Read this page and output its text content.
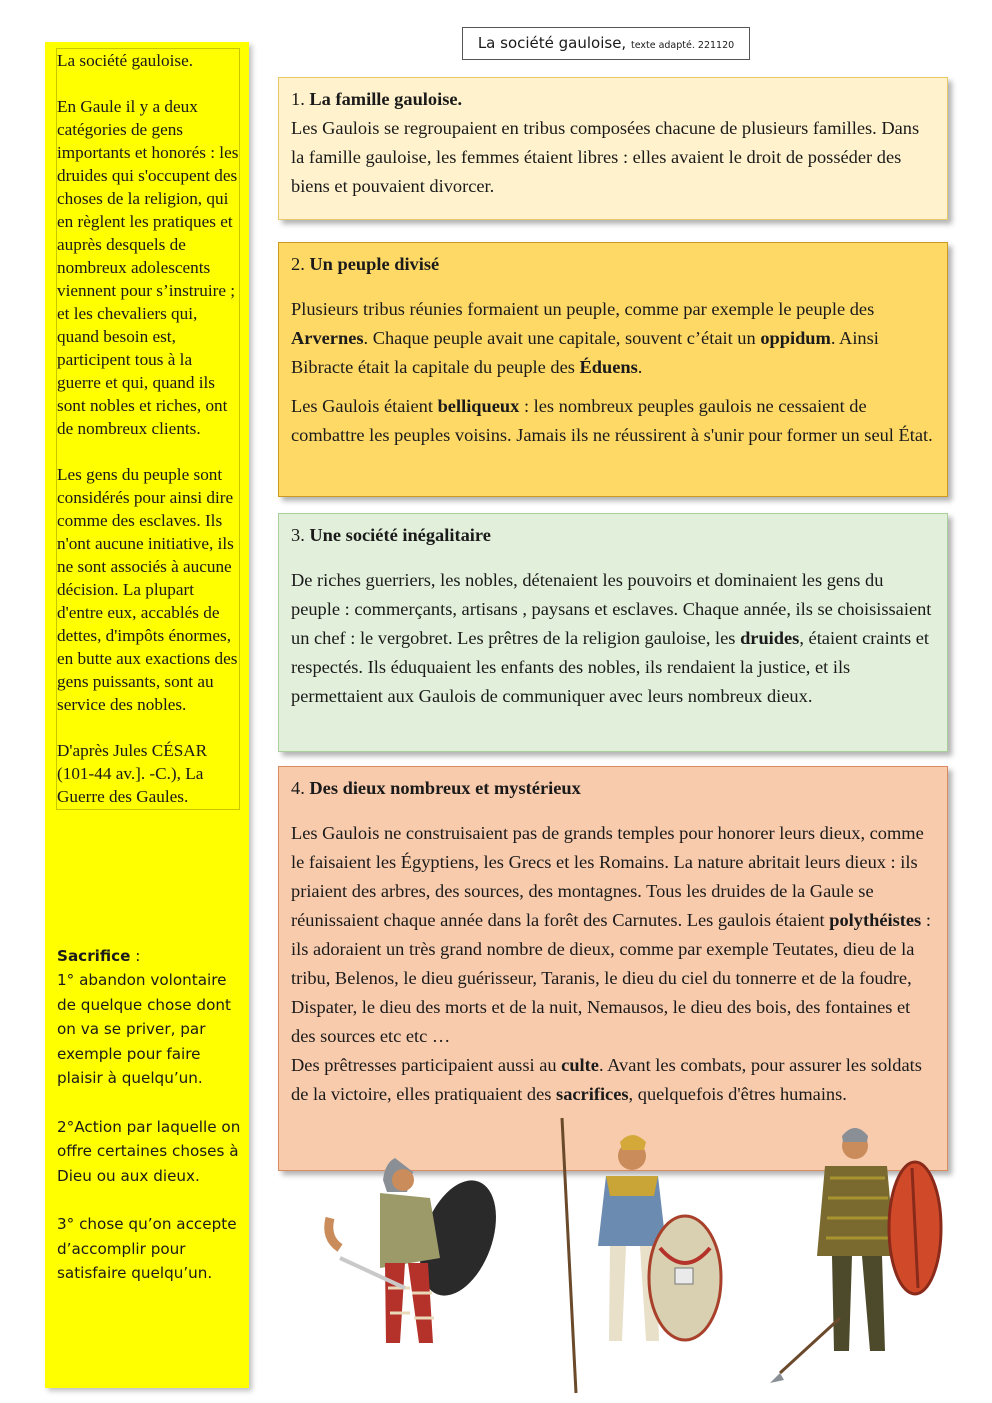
La société gauloise.

En Gaule il y a deux catégories de gens importants et honorés : les druides qui s'occupent des choses de la religion, qui en règlent les pratiques et auprès desquels de nombreux adolescents viennent pour s’instruire ; et les chevaliers qui, quand besoin est, participent tous à la guerre et qui, quand ils sont nobles et riches, ont de nombreux clients.

Les gens du peuple sont considérés pour ainsi dire comme des esclaves. Ils n'ont aucune initiative, ils ne sont associés à aucune décision. La plupart d'entre eux, accablés de dettes, d'impôts énormes, en butte aux exactions des gens puissants, sont au service des nobles.

D'après Jules CÉSAR (101-44 av.]. -C.), La Guerre des Gaules.

Sacrifice :
1° abandon volontaire de quelque chose dont on va se priver, par exemple pour faire plaisir à quelqu’un.

2°Action par laquelle on offre certaines choses à Dieu ou aux dieux.

3° chose qu’on accepte d’accomplir pour satisfaire quelqu’un.

La société gauloise, texte adapté. 221120
1. La famille gauloise.

Les Gaulois se regroupaient en tribus composées chacune de plusieurs familles. Dans la famille gauloise, les femmes étaient libres : elles avaient le droit de posséder des biens et pouvaient divorcer.

2. Un peuple divisé

Plusieurs tribus réunies formaient un peuple, comme par exemple le peuple des Arvernes. Chaque peuple avait une capitale, souvent c’était un oppidum. Ainsi Bibracte était la capitale du peuple des Éduens.

Les Gaulois étaient belliqueux : les nombreux peuples gaulois ne cessaient de combattre les peuples voisins. Jamais ils ne réussirent à s'unir pour former un seul État.

3. Une société inégalitaire

De riches guerriers, les nobles, détenaient les pouvoirs et dominaient les gens du peuple : commerçants, artisans , paysans et esclaves. Chaque année, ils se choisissaient un chef : le vergobret. Les prêtres de la religion gauloise, les druides, étaient craints et respectés. Ils éduquaient les enfants des nobles, ils rendaient la justice, et ils permettaient aux Gaulois de communiquer avec leurs nombreux dieux.

4. Des dieux nombreux et mystérieux

Les Gaulois ne construisaient pas de grands temples pour honorer leurs dieux, comme le faisaient les Égyptiens, les Grecs et les Romains. La nature abritait leurs dieux : ils priaient des arbres, des sources, des montagnes. Tous les druides de la Gaule se réunissaient chaque année dans la forêt des Carnutes. Les gaulois étaient polythéistes : ils adoraient un très grand nombre de dieux, comme par exemple Teutates, dieu de la tribu, Belenos, le dieu guérisseur, Taranis, le dieu du ciel du tonnerre et de la foudre, Dispater, le dieu des morts et de la nuit, Nemausos, le dieu des bois, des fontaines et des sources etc etc …

Des prêtresses participaient aussi au culte. Avant les combats, pour assurer les soldats de la victoire, elles pratiquaient des sacrifices, quelquefois d'êtres humains.
